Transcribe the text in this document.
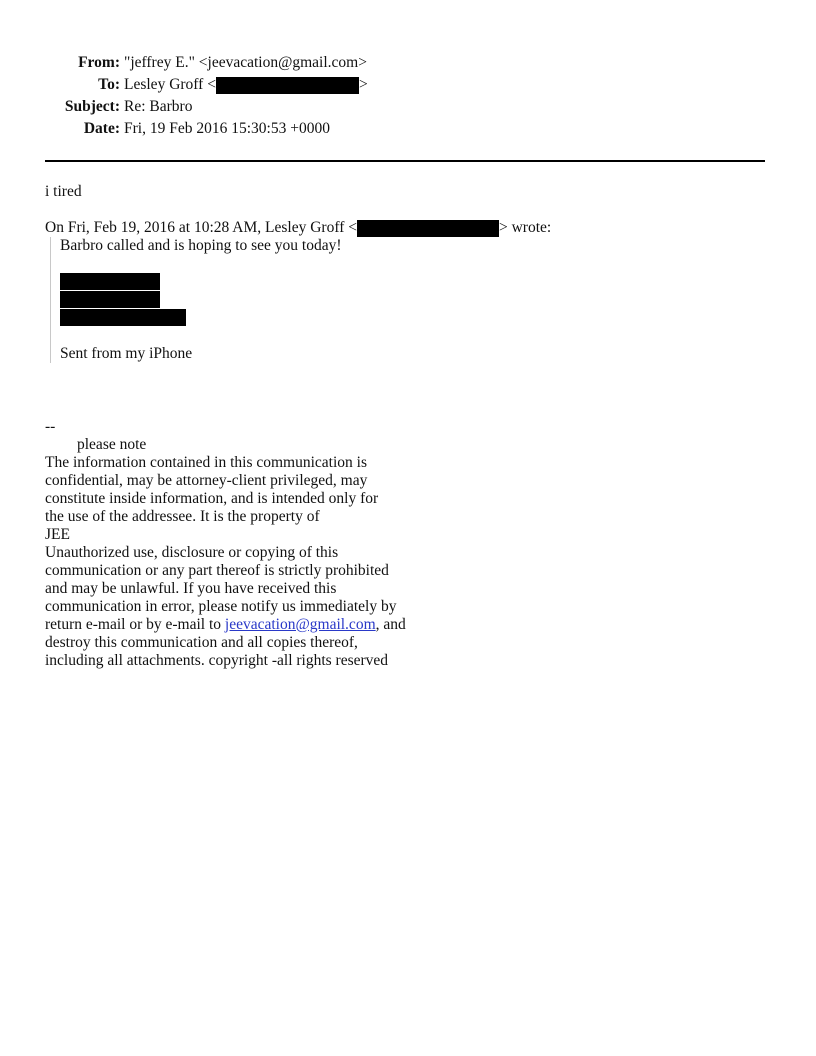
From: "jeffrey E." <jeevacation@gmail.com>
To: Lesley Groff <	>
Subject: Re: Barbro
Date: Fri, 19 Feb 2016 15:30:53 +0000
i tired
On Fri, Feb 19, 2016 at 10:28 AM, Lesley Groff <	> wrote:
Barbro called and is hoping to see you today!
Sent from my iPhone
--
please note
The information contained in this communication is
confidential, may be attorney-client privileged, may
constitute inside information, and is intended only for
the use of the addressee. It is the property of
JEE
Unauthorized use, disclosure or copying of this
communication or any part thereof is strictly prohibited
and may be unlawful. If you have received this
communication in error, please notify us immediately by
return e-mail or by e-mail to jeevacation@gmail.com, and
destroy this communication and all copies thereof,
including all attachments. copyright -all rights reserved
